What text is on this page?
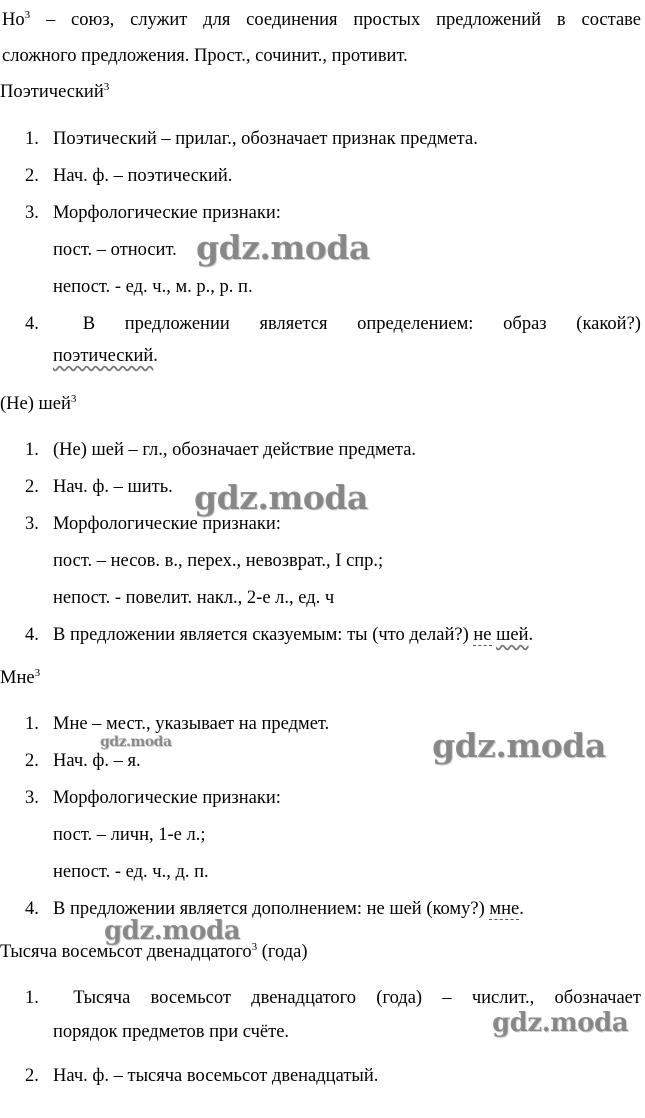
$Но^3$ – союз, служит для соединения простых предложений в составе
сложного предложения. Прост., сочинит., противит.
Поэтический$^3$
1. Поэтический – прилаг., обозначает признак предмета.
2. Нач. ф. – поэтический.
3. Морфологические признаки:
пост. – относит.
непост. - ед. ч., м. р., р. п.
4.	В предложении является определением: образ (какой?)
поэтический.
(Не) шей$^3$
1. (Не) шей – гл., обозначает действие предмета.
2. Нач. ф. – шить.
3. Морфологические признаки:
пост. – несов. в., перех., невозврат., I спр.;
непост. - повелит. накл., 2-е л., ед. ч
4. В предложении является сказуемым: ты (что делай?) не шей.
Мне$^3$
1. Мне – мест., указывает на предмет.
2. Нач. ф. – я.
3. Морфологические признаки:
пост. – личн, 1-е л.;
непост. - ед. ч., д. п.
4. В предложении является дополнением: не шей (кому?) мне.
Тысяча восемьсот двенадцатого$^3$ (года)
1.	Тысяча восемьсот двенадцатого (года) – числит., обозначает
порядок предметов при счёте.
2. Нач. ф. – тысяча восемьсот двенадцатый.
gdz.moda
gdz.moda
gdz.moda
gdz.moda
gdz.moda
gdz.moda
